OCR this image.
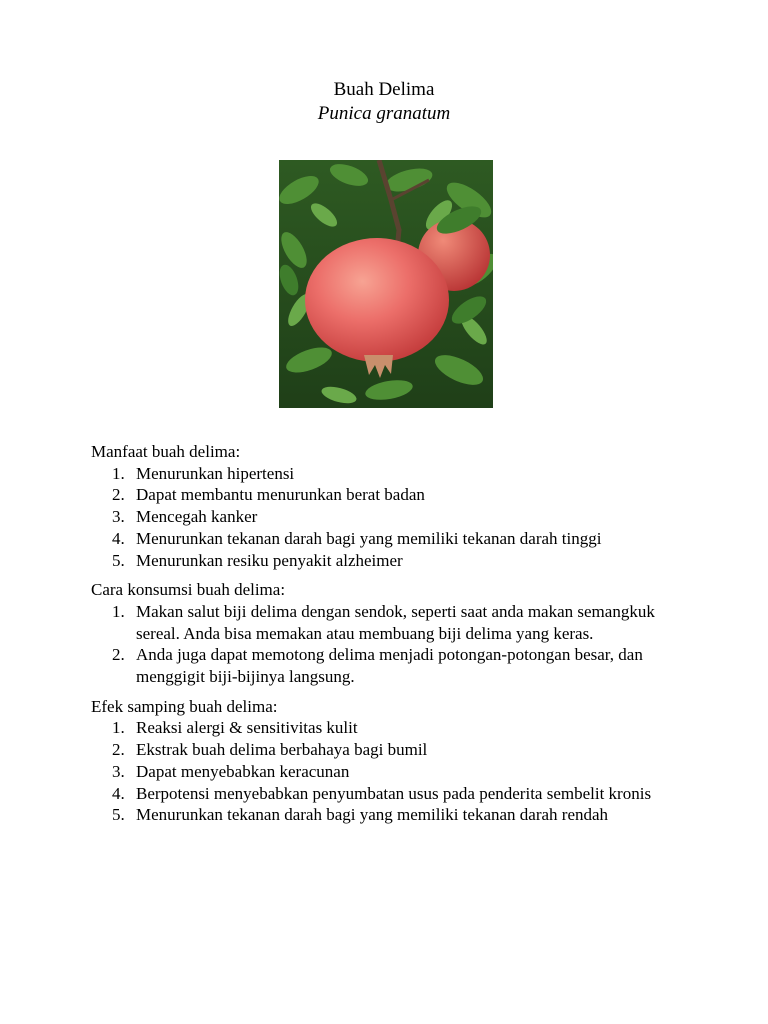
Buah Delima
Punica granatum

Manfaat buah delima:

1. Menurunkan hipertensi
2. Dapat membantu menurunkan berat badan
3. Mencegah kanker
4. Menurunkan tekanan darah bagi yang memiliki tekanan darah tinggi
5. Menurunkan resiku penyakit alzheimer

Cara konsumsi buah delima:

1. Makan salut biji delima dengan sendok, seperti saat anda makan semangkuk sereal. Anda bisa memakan atau membuang biji delima yang keras.
2. Anda juga dapat memotong delima menjadi potongan-potongan besar, dan menggigit biji-bijinya langsung.

Efek samping buah delima:

1. Reaksi alergi & sensitivitas kulit
2. Ekstrak buah delima berbahaya bagi bumil
3. Dapat menyebabkan keracunan
4. Berpotensi menyebabkan penyumbatan usus pada penderita sembelit kronis
5. Menurunkan tekanan darah bagi yang memiliki tekanan darah rendah
